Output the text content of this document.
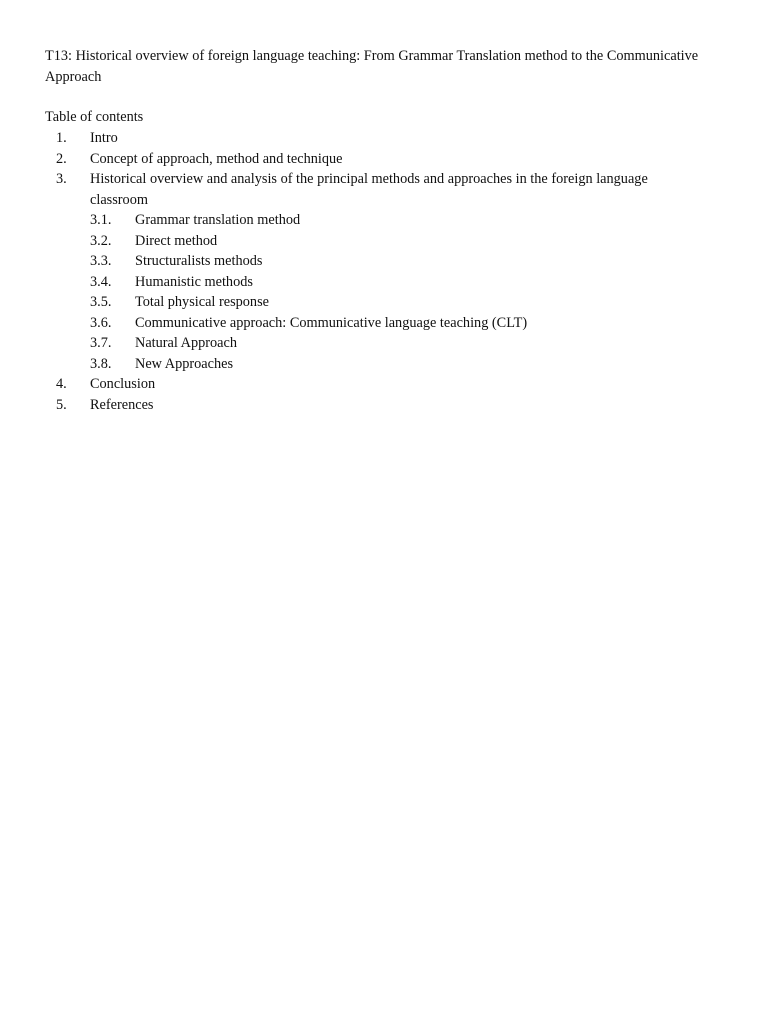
T13: Historical overview of foreign language teaching: From Grammar Translation method to the Communicative Approach

Table of contents

1. Intro
2. Concept of approach, method and technique
3. Historical overview and analysis of the principal methods and approaches in the foreign language classroom
3.1. Grammar translation method
3.2. Direct method
3.3. Structuralists methods
3.4. Humanistic methods
3.5. Total physical response
3.6. Communicative approach: Communicative language teaching (CLT)
3.7. Natural Approach
3.8. New Approaches
4. Conclusion
5. References
